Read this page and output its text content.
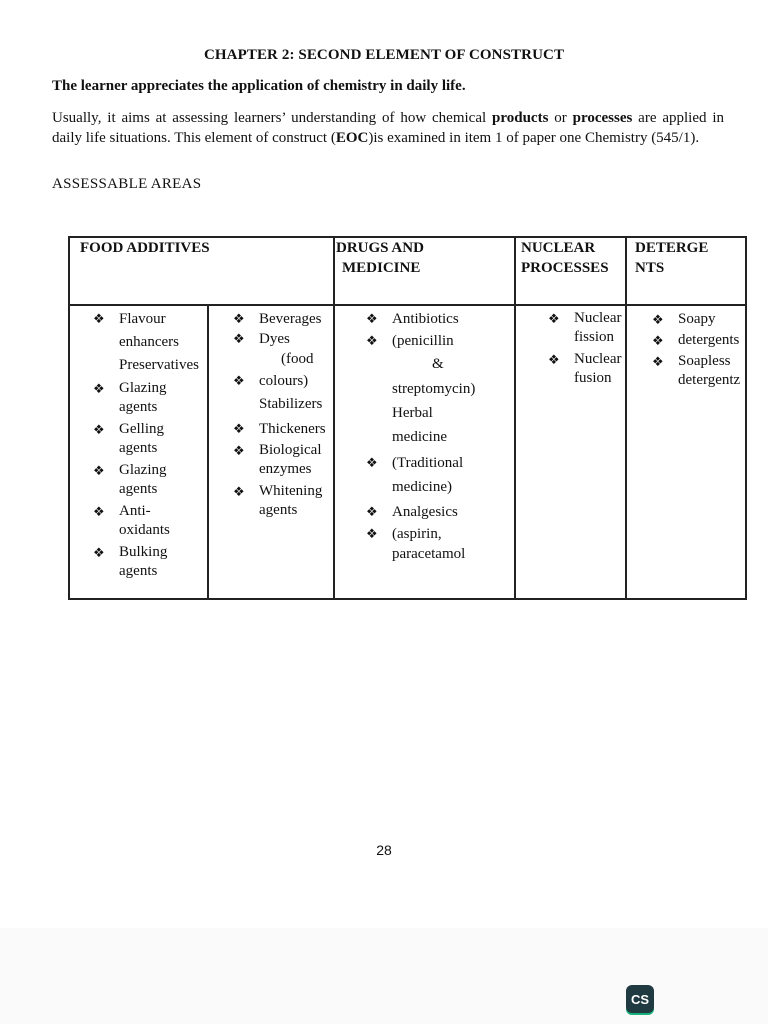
CHAPTER 2: SECOND ELEMENT OF CONSTRUCT
The learner appreciates the application of chemistry in daily life.
Usually, it aims at assessing learners’ understanding of how chemical products or processes are applied in daily life situations. This element of construct (EOC)is examined in item 1 of paper one Chemistry (545/1).
ASSESSABLE AREAS
FOOD ADDITIVES	DRUGS AND
MEDICINE
NUCLEAR
PROCESSES
DETERGE
NTS
❖ Flavour
enhancers
Preservatives
❖ Glazing
agents
❖ Gelling
agents
❖ Glazing
agents
❖ Anti-
oxidants
❖ Bulking
agents
❖ Beverages
❖ Dyes
(food
❖ colours)
Stabilizers
❖ Thickeners
❖ Biological
enzymes
❖ Whitening
agents
❖ Antibiotics
❖ (penicillin
&
streptomycin)
Herbal
medicine
❖ (Traditional
medicine)
❖ Analgesics
❖ (aspirin,
paracetamol
❖ Nuclear
fission
❖ Nuclear
fusion
❖ Soapy
❖ detergents
❖ Soapless
detergentz
28
CS
